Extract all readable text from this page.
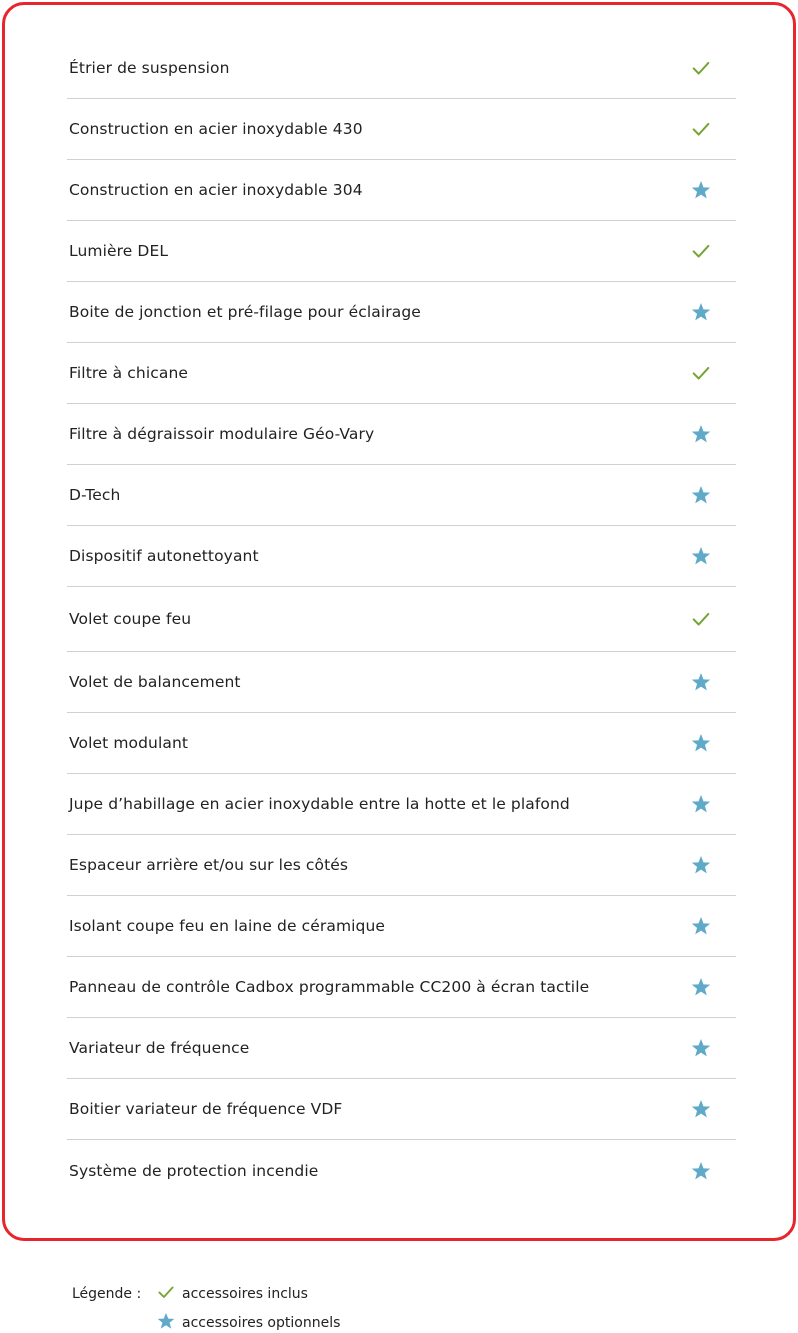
Étrier de suspension
Construction en acier inoxydable 430
Construction en acier inoxydable 304
Lumière DEL
Boite de jonction et pré-filage pour éclairage
Filtre à chicane
Filtre à dégraissoir modulaire Géo-Vary
D-Tech
Dispositif autonettoyant
Volet coupe feu
Volet de balancement
Volet modulant
Jupe d’habillage en acier inoxydable entre la hotte et le plafond
Espaceur arrière et/ou sur les côtés
Isolant coupe feu en laine de céramique
Panneau de contrôle Cadbox programmable CC200 à écran tactile
Variateur de fréquence
Boitier variateur de fréquence VDF
Système de protection incendie
Légende :	accessoires inclus
accessoires optionnels
